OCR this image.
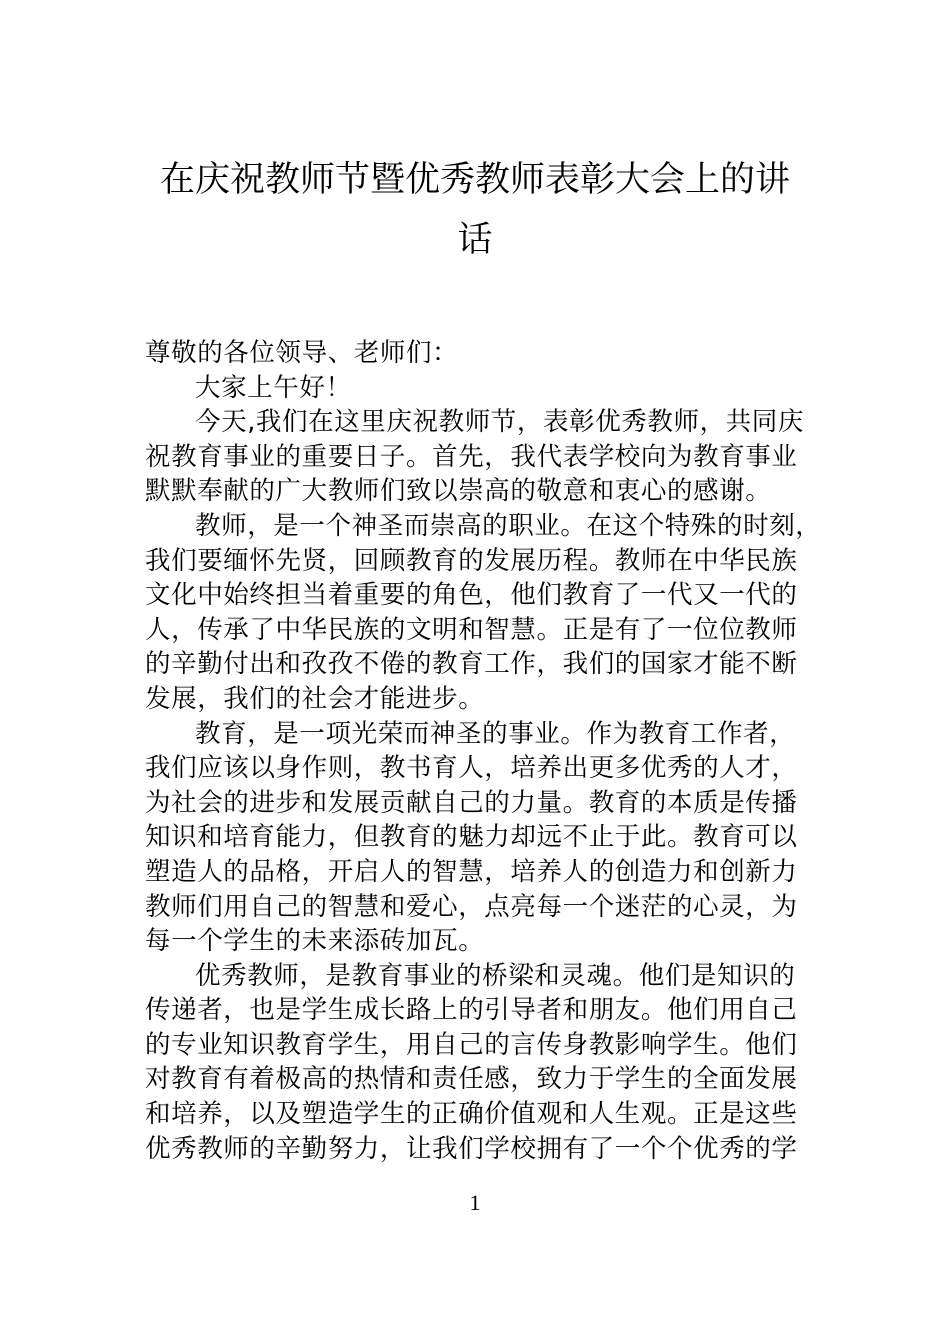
在庆祝教师节暨优秀教师表彰大会上的讲
话
尊敬的各位领导、老师们：
大家上午好！
今天,我们在这里庆祝教师节，表彰优秀教师，共同庆
祝教育事业的重要日子。首先，我代表学校向为教育事业
默默奉献的广大教师们致以崇高的敬意和衷心的感谢。
教师，是一个神圣而崇高的职业。在这个特殊的时刻，
我们要缅怀先贤，回顾教育的发展历程。教师在中华民族
文化中始终担当着重要的角色，他们教育了一代又一代的
人，传承了中华民族的文明和智慧。正是有了一位位教师
的辛勤付出和孜孜不倦的教育工作，我们的国家才能不断
发展，我们的社会才能进步。
教育，是一项光荣而神圣的事业。作为教育工作者，
我们应该以身作则，教书育人，培养出更多优秀的人才，
为社会的进步和发展贡献自己的力量。教育的本质是传播
知识和培育能力，但教育的魅力却远不止于此。教育可以
塑造人的品格，开启人的智慧，培养人的创造力和创新力
教师们用自己的智慧和爱心，点亮每一个迷茫的心灵，为
每一个学生的未来添砖加瓦。
优秀教师，是教育事业的桥梁和灵魂。他们是知识的
传递者，也是学生成长路上的引导者和朋友。他们用自己
的专业知识教育学生，用自己的言传身教影响学生。他们
对教育有着极高的热情和责任感，致力于学生的全面发展
和培养，以及塑造学生的正确价值观和人生观。正是这些
优秀教师的辛勤努力，让我们学校拥有了一个个优秀的学
1
